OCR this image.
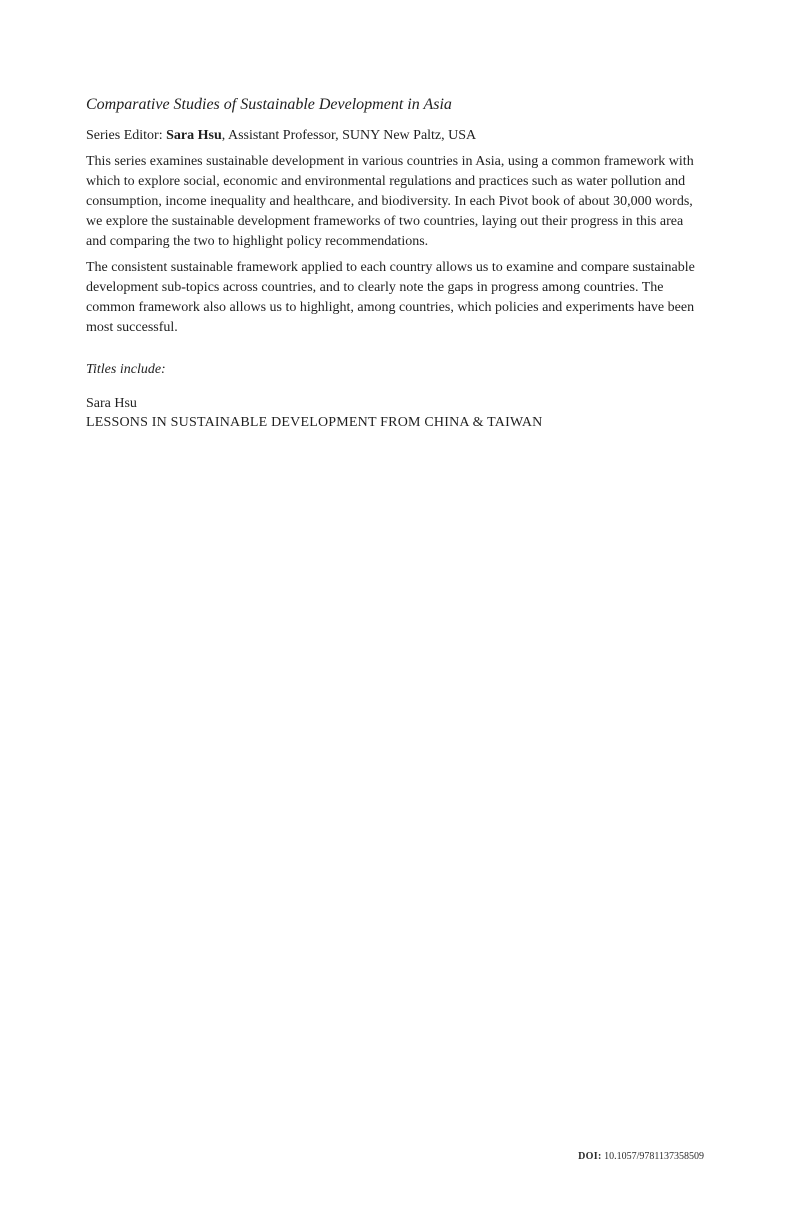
Comparative Studies of Sustainable Development in Asia

Series Editor: Sara Hsu, Assistant Professor, SUNY New Paltz, USA

This series examines sustainable development in various countries in Asia, using a common framework with which to explore social, economic and environmental regulations and practices such as water pollution and consumption, income inequality and healthcare, and biodiversity. In each Pivot book of about 30,000 words, we explore the sustainable development frameworks of two countries, laying out their progress in this area and comparing the two to highlight policy recommendations.

The consistent sustainable framework applied to each country allows us to examine and compare sustainable development sub-topics across countries, and to clearly note the gaps in progress among countries. The common framework also allows us to highlight, among countries, which policies and experiments have been most successful.

Titles include:

Sara Hsu

LESSONS IN SUSTAINABLE DEVELOPMENT FROM CHINA & TAIWAN

DOI: 10.1057/9781137358509
